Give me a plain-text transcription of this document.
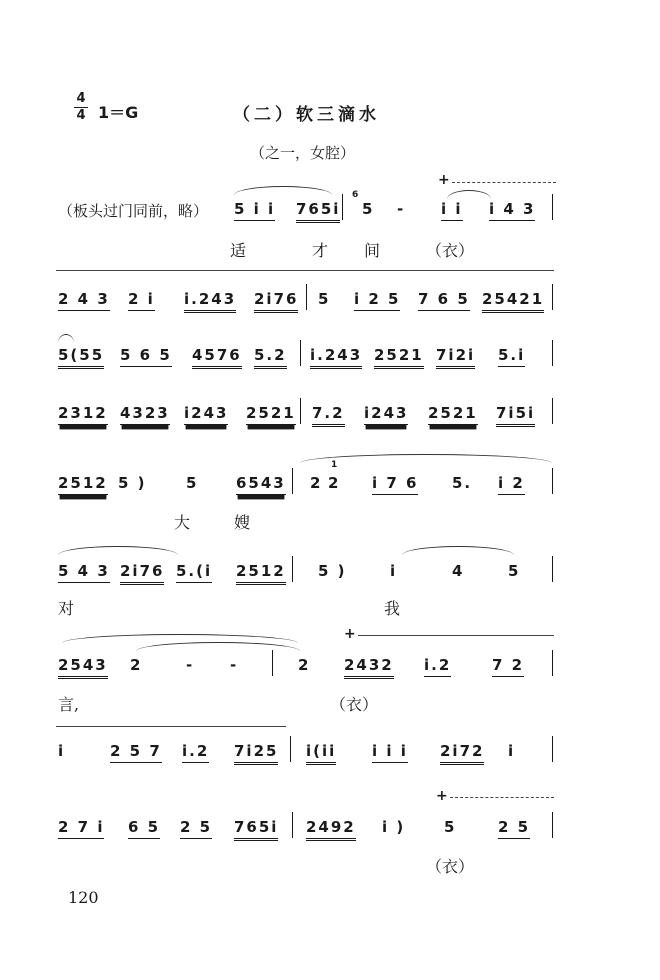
4
4 1＝G	（二）软三滴水
（之一，女腔）
（板头过门同前，略） 5 i i 765i
6
5 - i i i 4 3
+
适	才 间	（衣）
2 4 3 2 i i.243 2i76 5 i 2 5 7 6 5 25421
5(55 5 6 5 4576 5.2 i.243 2521 7i2i 5.i
2312 4323 i243 2521 7.2 i243 2521 7i5i
2512 5 )	5	6543 2
1
2 i 7 6 5. i 2
大	嫂
5 4 3 2i76 5.(i 2512 5 )	i	4	5
对	我
+
2543 2	- -	2 2432 i.2	7 2
言,	（衣）
i	2 5 7 i.2 7i25 i(ii i i i 2i72 i
+
2 7 i 6 5 2 5 765i 2492 i )	5	2 5
（衣）
120
